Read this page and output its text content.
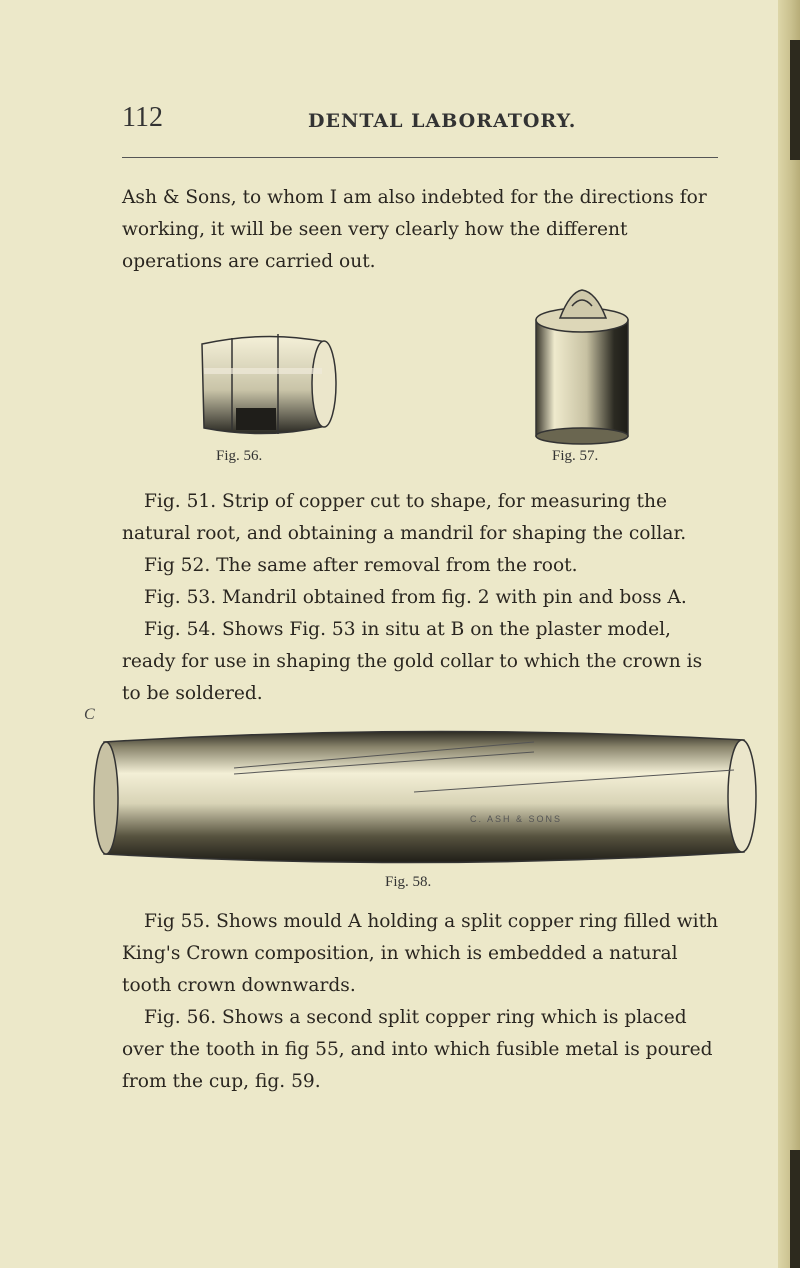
112	DENTAL LABORATORY.

Ash & Sons, to whom I am also indebted for the directions for working, it will be seen very clearly how the different operations are carried out.

Fig. 56.	Fig. 57.

Fig. 51. Strip of copper cut to shape, for measuring the natural root, and obtaining a mandril for shaping the collar.

Fig 52. The same after removal from the root.

Fig. 53. Mandril obtained from fig. 2 with pin and boss A.

Fig. 54. Shows Fig. 53 in situ at B on the plaster model, ready for use in shaping the gold collar to which the crown is to be soldered.

C
C. ASH & SONS
Fig. 58.

Fig 55. Shows mould A holding a split copper ring filled with King's Crown composition, in which is embedded a natural tooth crown downwards.

Fig. 56. Shows a second split copper ring which is placed over the tooth in fig 55, and into which fusible metal is poured from the cup, fig. 59.
